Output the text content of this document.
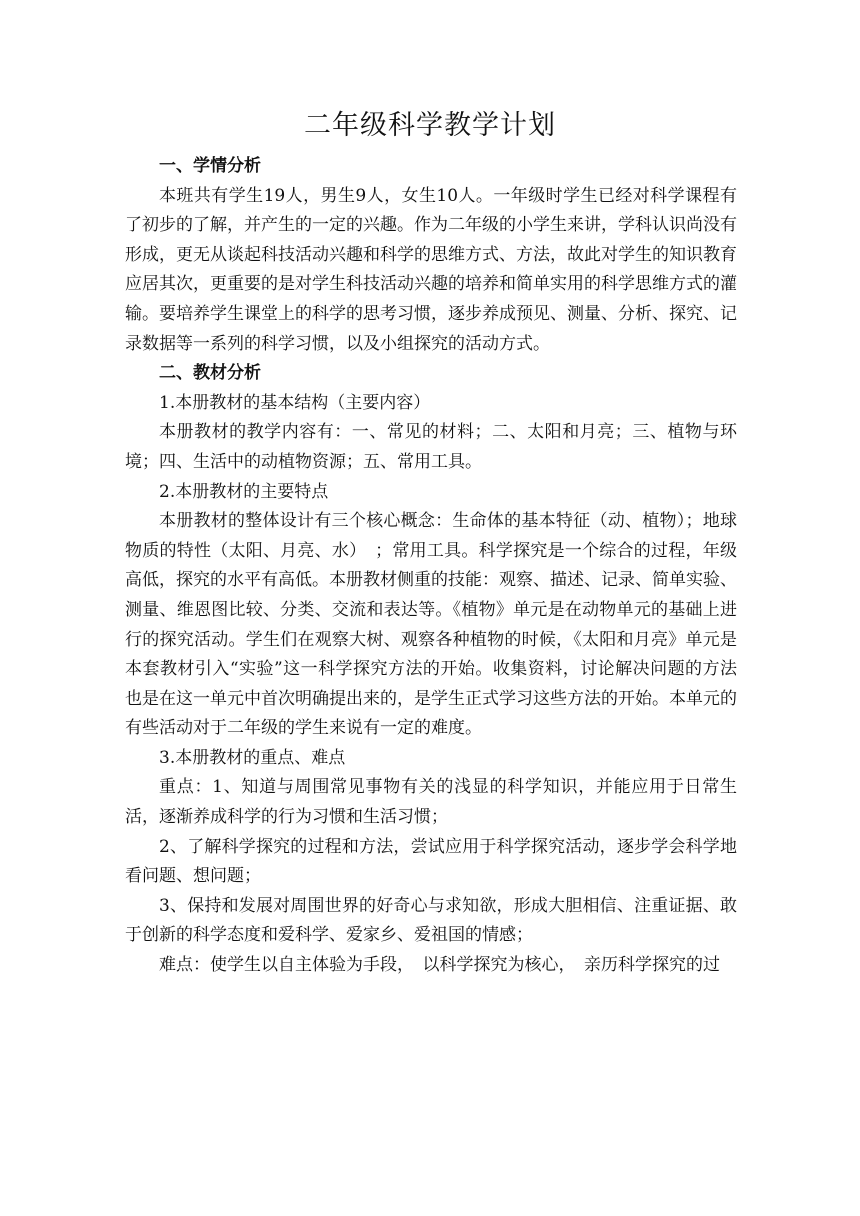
二年级科学教学计划
一、学情分析

本班共有学生19人，男生9人，女生10人。一年级时学生已经对科学课程有了初步的了解，并产生的一定的兴趣。作为二年级的小学生来讲，学科认识尚没有形成，更无从谈起科技活动兴趣和科学的思维方式、方法，故此对学生的知识教育应居其次，更重要的是对学生科技活动兴趣的培养和简单实用的科学思维方式的灌输。要培养学生课堂上的科学的思考习惯，逐步养成预见、测量、分析、探究、记录数据等一系列的科学习惯，以及小组探究的活动方式。

二、教材分析

1.本册教材的基本结构（主要内容）

本册教材的教学内容有：一、常见的材料；二、太阳和月亮；三、植物与环境；四、生活中的动植物资源；五、常用工具。

2.本册教材的主要特点

本册教材的整体设计有三个核心概念：生命体的基本特征（动、植物）；地球物质的特性（太阳、月亮、水）　；常用工具。科学探究是一个综合的过程，年级高低，探究的水平有高低。本册教材侧重的技能：观察、描述、记录、简单实验、测量、维恩图比较、分类、交流和表达等。《植物》单元是在动物单元的基础上进行的探究活动。学生们在观察大树、观察各种植物的时候，《太阳和月亮》单元是本套教材引入“实验”这一科学探究方法的开始。收集资料，讨论解决问题的方法也是在这一单元中首次明确提出来的，是学生正式学习这些方法的开始。本单元的有些活动对于二年级的学生来说有一定的难度。

3.本册教材的重点、难点

重点：1、知道与周围常见事物有关的浅显的科学知识，并能应用于日常生活，逐渐养成科学的行为习惯和生活习惯；

2、了解科学探究的过程和方法，尝试应用于科学探究活动，逐步学会科学地看问题、想问题；

3、保持和发展对周围世界的好奇心与求知欲，形成大胆相信、注重证据、敢于创新的科学态度和爱科学、爱家乡、爱祖国的情感；

难点：使学生以自主体验为手段，　以科学探究为核心，　亲历科学探究的过
